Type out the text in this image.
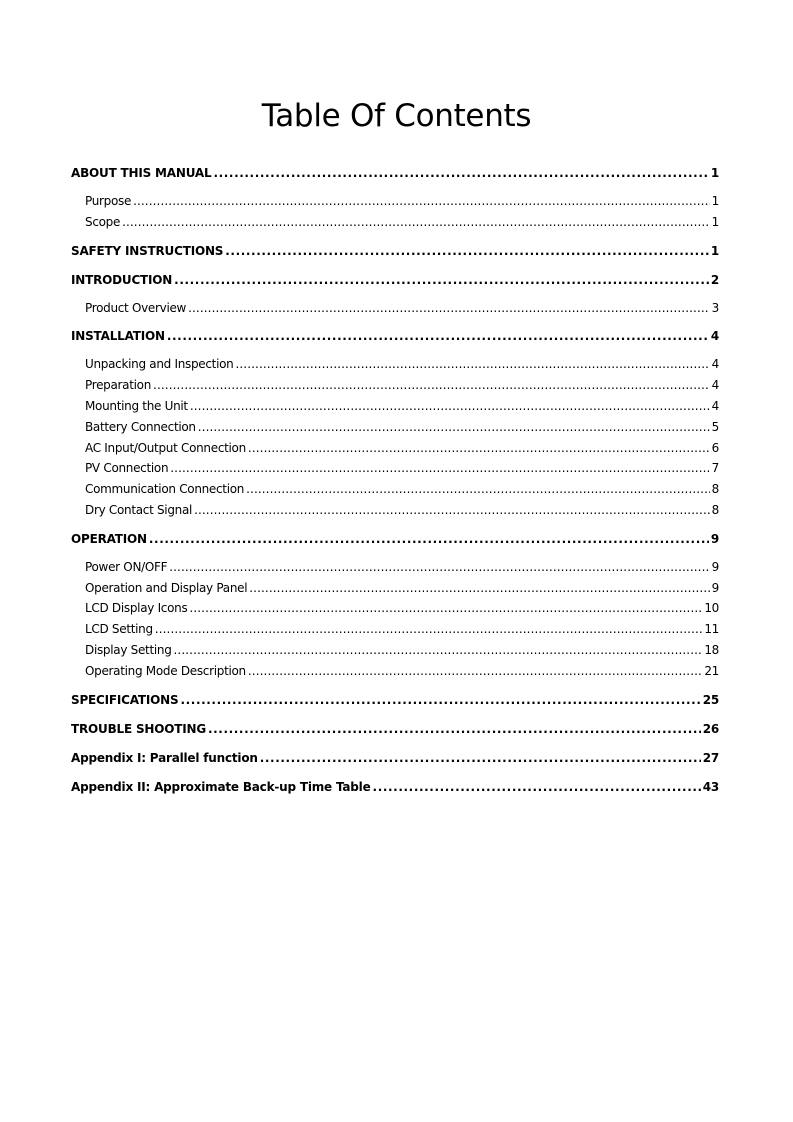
Table Of Contents
ABOUT THIS MANUAL .....	1
Purpose .....	1
Scope .....	1
SAFETY INSTRUCTIONS .....	1
INTRODUCTION .....	2
Product Overview .....	3
INSTALLATION .....	4
Unpacking and Inspection .....	4
Preparation .....	4
Mounting the Unit .....	4
Battery Connection .....	5
AC Input/Output Connection .....	6
PV Connection .....	7
Communication Connection .....	8
Dry Contact Signal .....	8
OPERATION .....	9
Power ON/OFF .....	9
Operation and Display Panel .....	9
LCD Display Icons .....	10
LCD Setting .....	11
Display Setting .....	18
Operating Mode Description .....	21
SPECIFICATIONS .....	25
TROUBLE SHOOTING .....	26
Appendix I: Parallel function .....	27
Appendix II: Approximate Back-up Time Table .....	43
